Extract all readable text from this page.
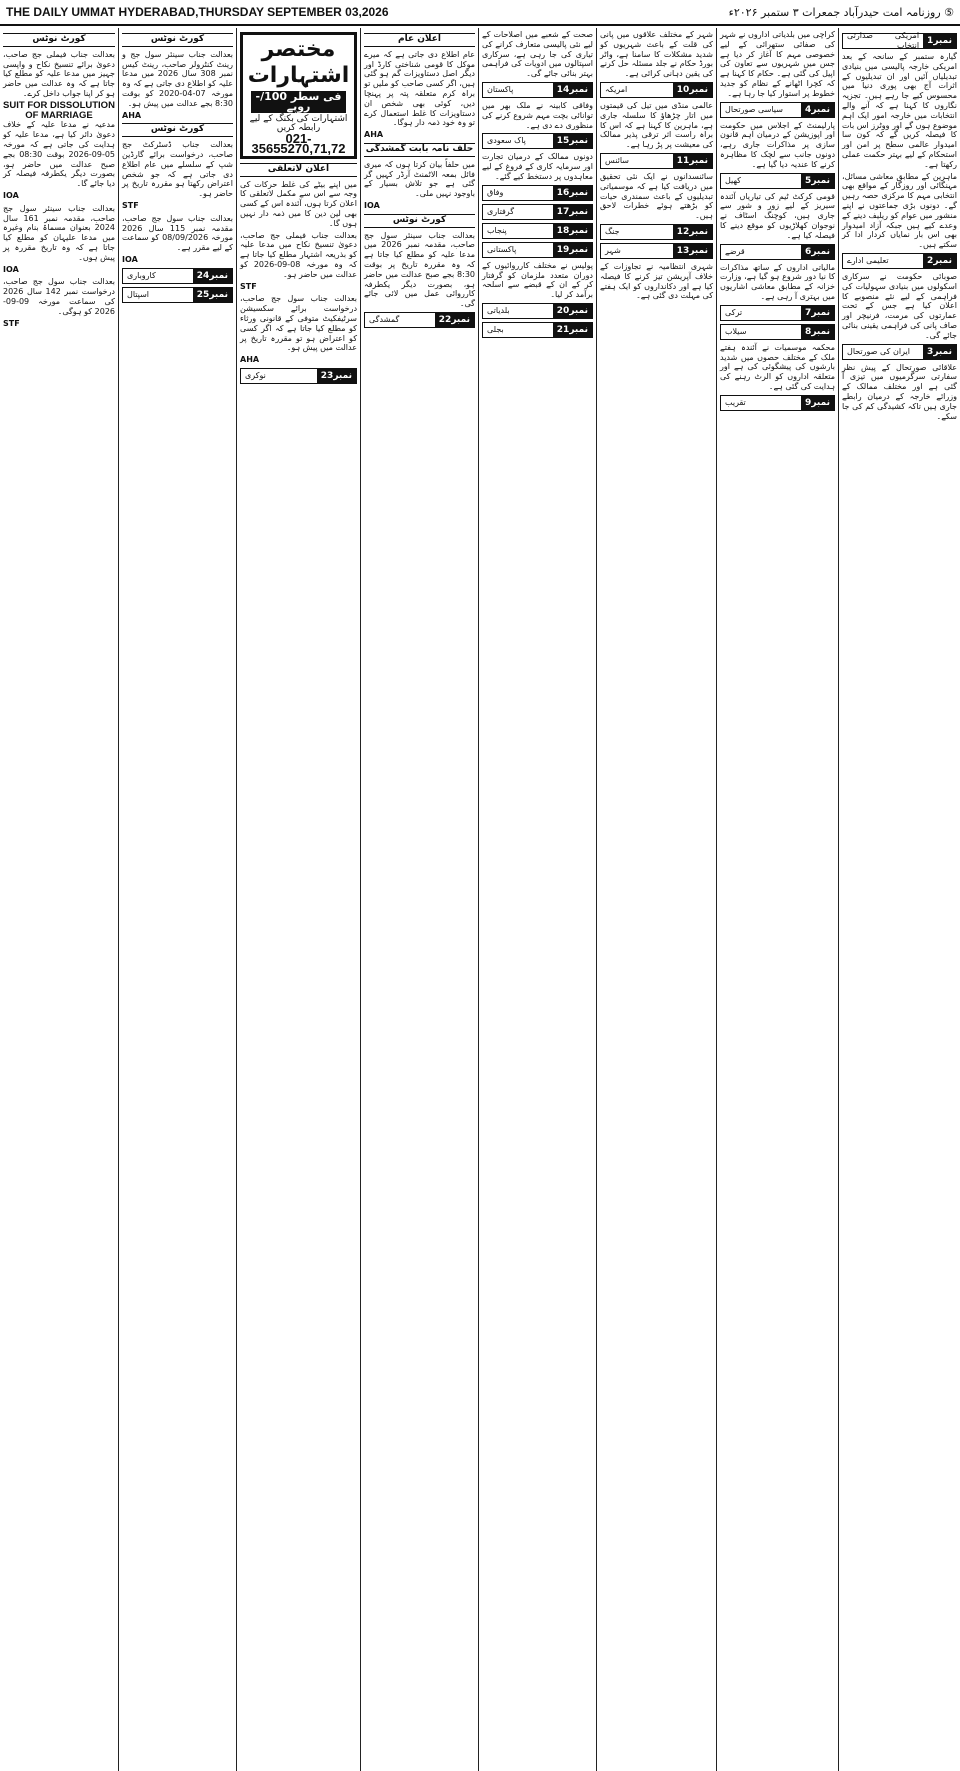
THE DAILY UMMAT HYDERABAD,THURSDAY SEPTEMBER 03,2026	⑤ روزنامہ امت حیدرآباد جمعرات ۳ ستمبر ۲۰۲۶ء
کورٹ نوٹس

بعدالت جناب فیملی جج صاحب، دعویٰ برائے تنسیخ نکاح و واپسی جہیز میں مدعا علیہ کو مطلع کیا جاتا ہے کہ وہ عدالت میں حاضر ہو کر اپنا جواب داخل کرے۔

SUIT FOR DISSOLUTION OF MARRIAGE

مدعیہ نے مدعا علیہ کے خلاف دعویٰ دائر کیا ہے، مدعا علیہ کو ہدایت کی جاتی ہے کہ مورخہ 05-09-2026 بوقت 08:30 بجے صبح عدالت میں حاضر ہو، بصورت دیگر یکطرفہ فیصلہ کر دیا جائے گا۔

IOA

بعدالت جناب سینئر سول جج صاحب، مقدمہ نمبر 161 سال 2024 بعنوان مسماۃ بنام وغیرہ میں مدعا علیہان کو مطلع کیا جاتا ہے کہ وہ تاریخ مقررہ پر پیش ہوں۔

IOA

بعدالت جناب سول جج صاحب، درخواست نمبر 142 سال 2026 کی سماعت مورخہ 09-09-2026 کو ہوگی۔

STF
کورٹ نوٹس

بعدالت جناب سینئر سول جج و رینٹ کنٹرولر صاحب، رینٹ کیس نمبر 308 سال 2026 میں مدعا علیہ کو اطلاع دی جاتی ہے کہ وہ مورخہ 07-04-2020 کو بوقت 8:30 بجے عدالت میں پیش ہو۔

AHA
کورٹ نوٹس

بعدالت جناب ڈسٹرکٹ جج صاحب، درخواست برائے گارڈین شپ کے سلسلے میں عام اطلاع دی جاتی ہے کہ جو شخص اعتراض رکھتا ہو مقررہ تاریخ پر حاضر ہو۔

STF

بعدالت جناب سول جج صاحب، مقدمہ نمبر 115 سال 2026 مورخہ 08/09/2026 کو سماعت کے لیے مقرر ہے۔

IOA
نمبر24
کاروباری
نمبر25
اسپتال
مختصر اشتہارات
فی سطر 100/- روپے
اشتہارات کی بکنگ کے لیے رابطہ کریں
021-35655270,71,72
اعلان لاتعلقی

میں اپنے بیٹے کی غلط حرکات کی وجہ سے اس سے مکمل لاتعلقی کا اعلان کرتا ہوں، آئندہ اس کے کسی بھی لین دین کا میں ذمہ دار نہیں ہوں گا۔

بعدالت جناب فیملی جج صاحب، دعویٰ تنسیخ نکاح میں مدعا علیہ کو بذریعہ اشتہار مطلع کیا جاتا ہے کہ وہ مورخہ 08-09-2026 کو عدالت میں حاضر ہو۔

STF

بعدالت جناب سول جج صاحب، درخواست برائے سکسیشن سرٹیفکیٹ متوفی کے قانونی ورثاء کو مطلع کیا جاتا ہے کہ اگر کسی کو اعتراض ہو تو مقررہ تاریخ پر عدالت میں پیش ہو۔

AHA
نمبر23
نوکری
اعلان عام

عام اطلاع دی جاتی ہے کہ میرے موکل کا قومی شناختی کارڈ اور دیگر اصل دستاویزات گم ہو گئی ہیں، اگر کسی صاحب کو ملیں تو براہ کرم متعلقہ پتہ پر پہنچا دیں، کوئی بھی شخص ان دستاویزات کا غلط استعمال کرے تو وہ خود ذمہ دار ہوگا۔

AHA
حلف نامہ بابت گمشدگی

میں حلفاً بیان کرتا ہوں کہ میری فائل بمعہ الاٹمنٹ آرڈر کہیں گر گئی ہے جو تلاش بسیار کے باوجود نہیں ملی۔

IOA
کورٹ نوٹس

بعدالت جناب سینئر سول جج صاحب، مقدمہ نمبر 2026 میں مدعا علیہ کو مطلع کیا جاتا ہے کہ وہ مقررہ تاریخ پر بوقت 8:30 بجے صبح عدالت میں حاضر ہو، بصورت دیگر یکطرفہ کارروائی عمل میں لائی جائے گی۔

نمبر22
گمشدگی

صحت کے شعبے میں اصلاحات کے لیے نئی پالیسی متعارف کرانے کی تیاری کی جا رہی ہے، سرکاری اسپتالوں میں ادویات کی فراہمی بہتر بنائی جائے گی۔

نمبر14
پاکستان

وفاقی کابینہ نے ملک بھر میں توانائی بچت مہم شروع کرنے کی منظوری دے دی ہے۔

نمبر15
پاک سعودی

دونوں ممالک کے درمیان تجارت اور سرمایہ کاری کے فروغ کے لیے معاہدوں پر دستخط کیے گئے۔

نمبر16
وفاق
نمبر17
گرفتاری
نمبر18
پنجاب
نمبر19
پاکستانی

پولیس نے مختلف کارروائیوں کے دوران متعدد ملزمان کو گرفتار کر کے ان کے قبضے سے اسلحہ برآمد کر لیا۔

نمبر20
بلدیاتی
نمبر21
بجلی

شہر کے مختلف علاقوں میں پانی کی قلت کے باعث شہریوں کو شدید مشکلات کا سامنا ہے، واٹر بورڈ حکام نے جلد مسئلہ حل کرنے کی یقین دہانی کرائی ہے۔

نمبر10
امریکہ

عالمی منڈی میں تیل کی قیمتوں میں اتار چڑھاؤ کا سلسلہ جاری ہے، ماہرین کا کہنا ہے کہ اس کا براہ راست اثر ترقی پذیر ممالک کی معیشت پر پڑ رہا ہے۔

نمبر11
سائنس

سائنسدانوں نے ایک نئی تحقیق میں دریافت کیا ہے کہ موسمیاتی تبدیلیوں کے باعث سمندری حیات کو بڑھتے ہوئے خطرات لاحق ہیں۔

نمبر12
جنگ
نمبر13
شہر

شہری انتظامیہ نے تجاوزات کے خلاف آپریشن تیز کرنے کا فیصلہ کیا ہے اور دکانداروں کو ایک ہفتے کی مہلت دی گئی ہے۔

کراچی میں بلدیاتی اداروں نے شہر کی صفائی ستھرائی کے لیے خصوصی مہم کا آغاز کر دیا ہے جس میں شہریوں سے تعاون کی اپیل کی گئی ہے۔ حکام کا کہنا ہے کہ کچرا اٹھانے کے نظام کو جدید خطوط پر استوار کیا جا رہا ہے۔

نمبر4
سیاسی صورتحال

پارلیمنٹ کے اجلاس میں حکومت اور اپوزیشن کے درمیان اہم قانون سازی پر مذاکرات جاری رہے، دونوں جانب سے لچک کا مظاہرہ کرنے کا عندیہ دیا گیا ہے۔

نمبر5
کھیل

قومی کرکٹ ٹیم کی تیاریاں آئندہ سیریز کے لیے زور و شور سے جاری ہیں، کوچنگ اسٹاف نے نوجوان کھلاڑیوں کو موقع دینے کا فیصلہ کیا ہے۔

نمبر6
قرضے

مالیاتی اداروں کے ساتھ مذاکرات کا نیا دور شروع ہو گیا ہے، وزارت خزانہ کے مطابق معاشی اشاریوں میں بہتری آ رہی ہے۔

نمبر7
ترکی
نمبر8
سیلاب

محکمہ موسمیات نے آئندہ ہفتے ملک کے مختلف حصوں میں شدید بارشوں کی پیشگوئی کی ہے اور متعلقہ اداروں کو الرٹ رہنے کی ہدایت کی گئی ہے۔

نمبر9
تقریب
نمبر1
امریکی صدارتی انتخاب

گیارہ ستمبر کے سانحہ کے بعد امریکی خارجہ پالیسی میں بنیادی تبدیلیاں آئیں اور ان تبدیلیوں کے اثرات آج بھی پوری دنیا میں محسوس کیے جا رہے ہیں۔ تجزیہ نگاروں کا کہنا ہے کہ آنے والے انتخابات میں خارجہ امور ایک اہم موضوع ہوں گے اور ووٹرز اس بات کا فیصلہ کریں گے کہ کون سا امیدوار عالمی سطح پر امن اور استحکام کے لیے بہتر حکمت عملی رکھتا ہے۔

ماہرین کے مطابق معاشی مسائل، مہنگائی اور روزگار کے مواقع بھی انتخابی مہم کا مرکزی حصہ رہیں گے۔ دونوں بڑی جماعتوں نے اپنے منشور میں عوام کو ریلیف دینے کے وعدے کیے ہیں جبکہ آزاد امیدوار بھی اس بار نمایاں کردار ادا کر سکتے ہیں۔

نمبر2
تعلیمی ادارے

صوبائی حکومت نے سرکاری اسکولوں میں بنیادی سہولیات کی فراہمی کے لیے نئے منصوبے کا اعلان کیا ہے جس کے تحت عمارتوں کی مرمت، فرنیچر اور صاف پانی کی فراہمی یقینی بنائی جائے گی۔

نمبر3
ایران کی صورتحال

علاقائی صورتحال کے پیش نظر سفارتی سرگرمیوں میں تیزی آ گئی ہے اور مختلف ممالک کے وزرائے خارجہ کے درمیان رابطے جاری ہیں تاکہ کشیدگی کم کی جا سکے۔
